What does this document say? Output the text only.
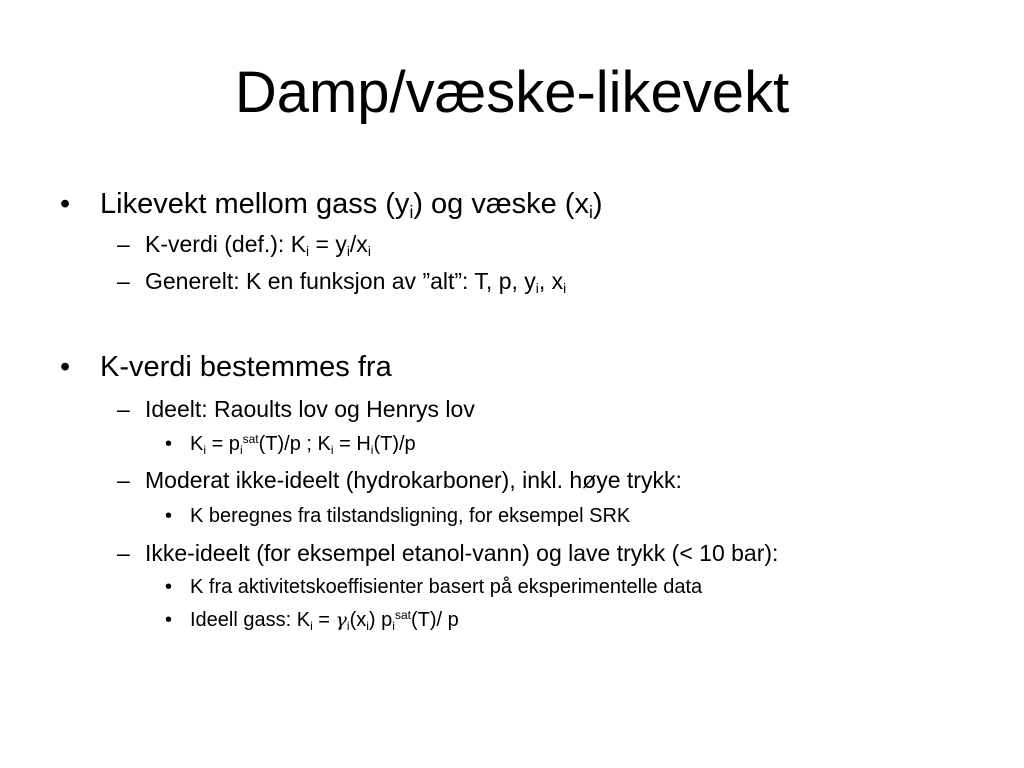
Damp/væske-likevekt
• Likevekt mellom gass $(y_i)$ og væske $(x_i)$
– K-verdi (def.): $K_i = y_i/x_i$
– Generelt: K en funksjon av ”alt”: T, p, $y_i$, $x_i$
• K-verdi bestemmes fra
– Ideelt: Raoults lov og Henrys lov
• $K_i = p_i^{sat}(T)/p$ ; $K_i = H_i(T)/p$
– Moderat ikke-ideelt (hydrokarboner), inkl. høye trykk:
• K beregnes fra tilstandsligning, for eksempel SRK
– Ikke-ideelt (for eksempel etanol-vann) og lave trykk (< 10 bar):
• K fra aktivitetskoeffisienter basert på eksperimentelle data
• Ideell gass: $K_i = \gamma_i(x_i)$ $p_i^{sat}(T)/$ p
